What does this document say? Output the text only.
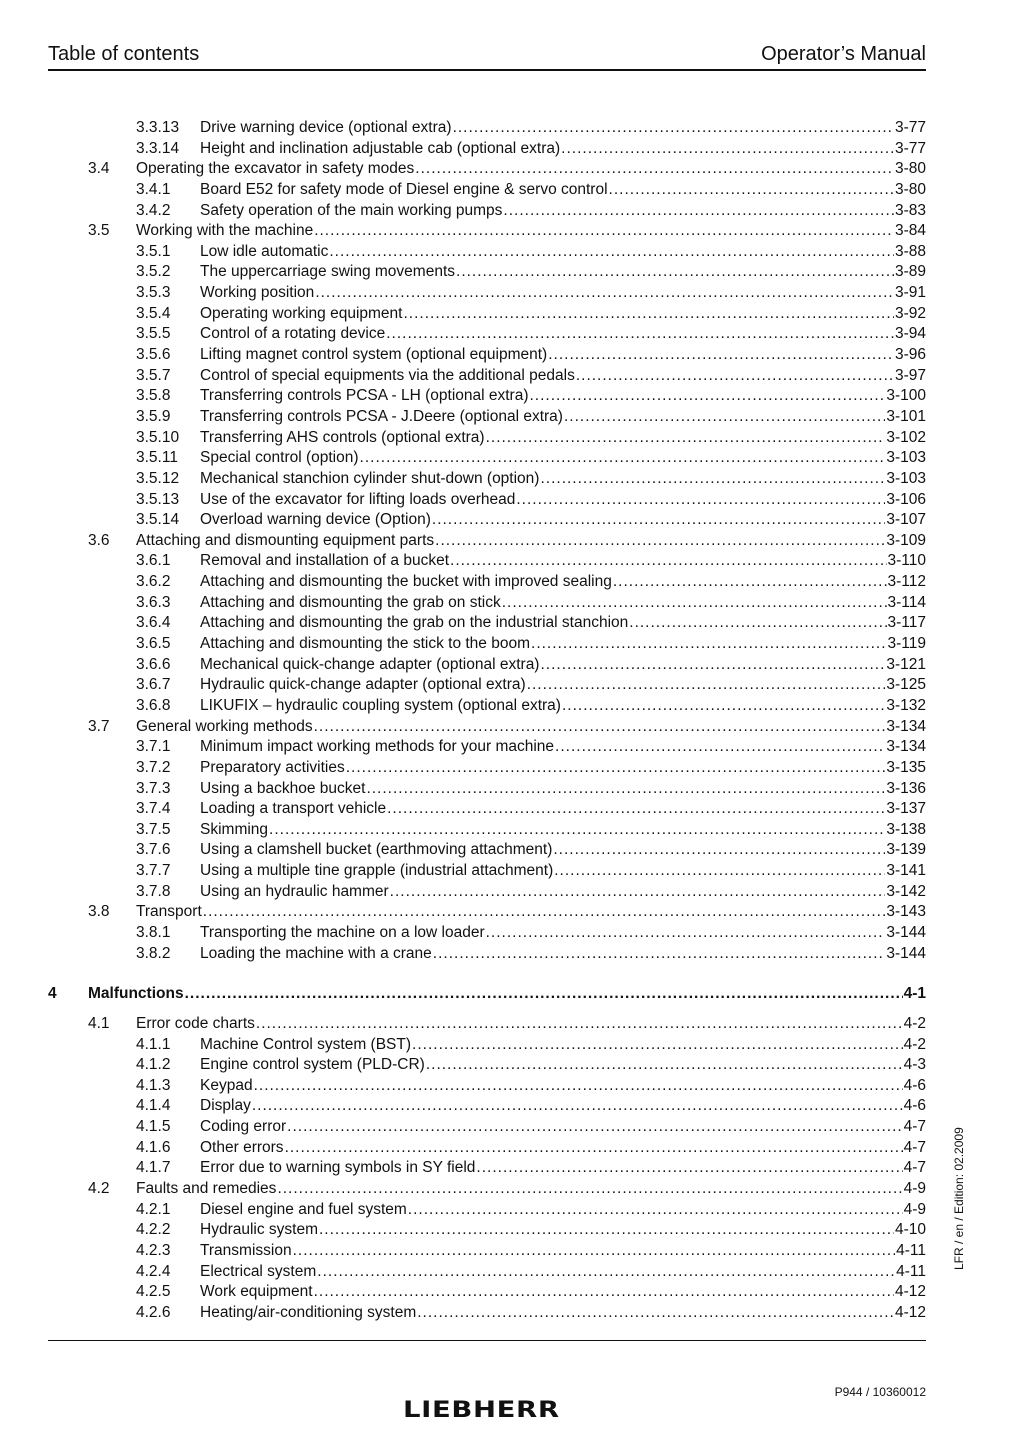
Table of contents	Operator’s Manual
3.3.13 Drive warning device (optional extra) .....	3-77
3.3.14 Height and inclination adjustable cab (optional extra) .....	3-77
3.4 Operating the excavator in safety modes .....	3-80
3.4.1 Board E52 for safety mode of Diesel engine & servo control .....	3-80
3.4.2 Safety operation of the main working pumps .....	3-83
3.5 Working with the machine .....	3-84
3.5.1 Low idle automatic .....	3-88
3.5.2 The uppercarriage swing movements .....	3-89
3.5.3 Working position .....	3-91
3.5.4 Operating working equipment .....	3-92
3.5.5 Control of a rotating device .....	3-94
3.5.6 Lifting magnet control system (optional equipment) .....	3-96
3.5.7 Control of special equipments via the additional pedals .....	3-97
3.5.8 Transferring controls PCSA - LH (optional extra) .....	3-100
3.5.9 Transferring controls PCSA - J.Deere (optional extra) .....	3-101
3.5.10 Transferring AHS controls (optional extra) .....	3-102
3.5.11 Special control (option) .....	3-103
3.5.12 Mechanical stanchion cylinder shut-down (option) .....	3-103
3.5.13 Use of the excavator for lifting loads overhead .....	3-106
3.5.14 Overload warning device (Option) .....	3-107
3.6 Attaching and dismounting equipment parts .....	3-109
3.6.1 Removal and installation of a bucket .....	3-110
3.6.2 Attaching and dismounting the bucket with improved sealing .....	3-112
3.6.3 Attaching and dismounting the grab on stick .....	3-114
3.6.4 Attaching and dismounting the grab on the industrial stanchion .....	3-117
3.6.5 Attaching and dismounting the stick to the boom .....	3-119
3.6.6 Mechanical quick-change adapter (optional extra) .....	3-121
3.6.7 Hydraulic quick-change adapter (optional extra) .....	3-125
3.6.8 LIKUFIX – hydraulic coupling system (optional extra) .....	3-132
3.7 General working methods .....	3-134
3.7.1 Minimum impact working methods for your machine .....	3-134
3.7.2 Preparatory activities .....	3-135
3.7.3 Using a backhoe bucket .....	3-136
3.7.4 Loading a transport vehicle .....	3-137
3.7.5 Skimming .....	3-138
3.7.6 Using a clamshell bucket (earthmoving attachment) .....	3-139
3.7.7 Using a multiple tine grapple (industrial attachment) .....	3-141
3.7.8 Using an hydraulic hammer .....	3-142
3.8 Transport .....	3-143
3.8.1 Transporting the machine on a low loader .....	3-144
3.8.2 Loading the machine with a crane .....	3-144
4 Malfunctions .....	4-1
4.1 Error code charts .....	4-2
4.1.1 Machine Control system (BST) .....	4-2
4.1.2 Engine control system (PLD-CR) .....	4-3
4.1.3 Keypad .....	4-6
4.1.4 Display .....	4-6
4.1.5 Coding error .....	4-7
4.1.6 Other errors .....	4-7
4.1.7 Error due to warning symbols in SY field .....	4-7
4.2 Faults and remedies .....	4-9
4.2.1 Diesel engine and fuel system .....	4-9
4.2.2 Hydraulic system .....	4-10
4.2.3 Transmission .....	4-11
4.2.4 Electrical system .....	4-11
4.2.5 Work equipment .....	4-12
4.2.6 Heating/air-conditioning system .....	4-12
LFR / en / Edition: 02.2009
P944 / 10360012
LIEBHERR
